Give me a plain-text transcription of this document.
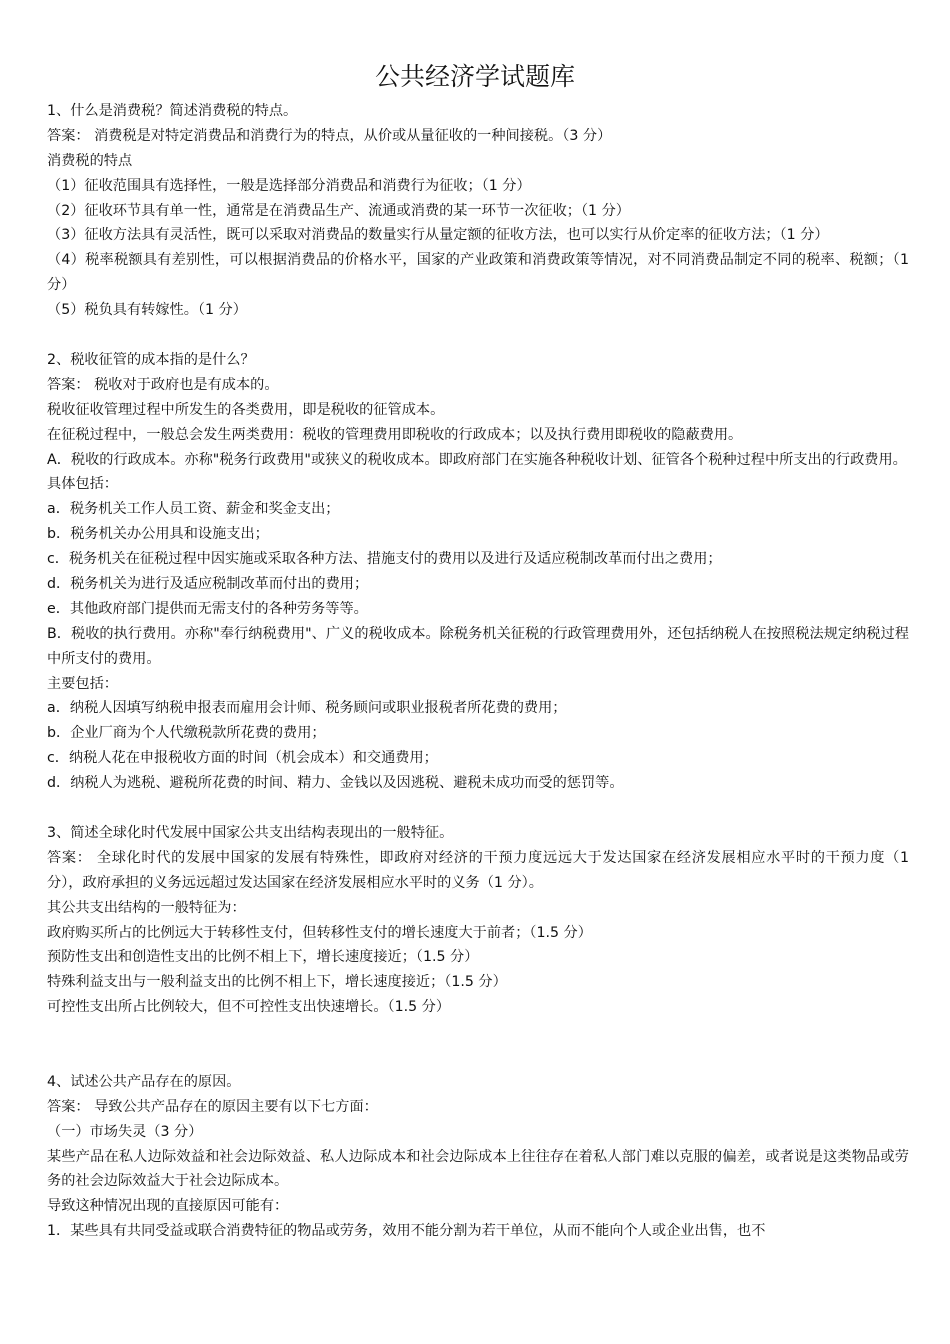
公共经济学试题库
1、什么是消费税？简述消费税的特点。
答案： 消费税是对特定消费品和消费行为的特点，从价或从量征收的一种间接税。（3 分）
消费税的特点
（1）征收范围具有选择性，一般是选择部分消费品和消费行为征收；（1 分）
（2）征收环节具有单一性，通常是在消费品生产、流通或消费的某一环节一次征收；（1 分）
（3）征收方法具有灵活性，既可以采取对消费品的数量实行从量定额的征收方法，也可以实行从价定率的征收方法；（1 分）
（4）税率税额具有差别性，可以根据消费品的价格水平，国家的产业政策和消费政策等情况，对不同消费品制定不同的税率、税额；（1 分）
（5）税负具有转嫁性。（1 分）
2、税收征管的成本指的是什么？
答案： 税收对于政府也是有成本的。
税收征收管理过程中所发生的各类费用，即是税收的征管成本。
在征税过程中，一般总会发生两类费用：税收的管理费用即税收的行政成本；以及执行费用即税收的隐蔽费用。
A．税收的行政成本。亦称"税务行政费用"或狭义的税收成本。即政府部门在实施各种税收计划、征管各个税种过程中所支出的行政费用。
具体包括：
a．税务机关工作人员工资、薪金和奖金支出；
b．税务机关办公用具和设施支出；
c．税务机关在征税过程中因实施或采取各种方法、措施支付的费用以及进行及适应税制改革而付出之费用；
d．税务机关为进行及适应税制改革而付出的费用；
e．其他政府部门提供而无需支付的各种劳务等等。
B．税收的执行费用。亦称"奉行纳税费用"、广义的税收成本。除税务机关征税的行政管理费用外，还包括纳税人在按照税法规定纳税过程中所支付的费用。
主要包括：
a．纳税人因填写纳税申报表而雇用会计师、税务顾问或职业报税者所花费的费用；
b．企业厂商为个人代缴税款所花费的费用；
c．纳税人花在申报税收方面的时间（机会成本）和交通费用；
d．纳税人为逃税、避税所花费的时间、精力、金钱以及因逃税、避税未成功而受的惩罚等。
3、简述全球化时代发展中国家公共支出结构表现出的一般特征。
答案： 全球化时代的发展中国家的发展有特殊性，即政府对经济的干预力度远远大于发达国家在经济发展相应水平时的干预力度（1 分），政府承担的义务远远超过发达国家在经济发展相应水平时的义务（1 分）。
其公共支出结构的一般特征为：
政府购买所占的比例远大于转移性支付，但转移性支付的增长速度大于前者；（1.5 分）
预防性支出和创造性支出的比例不相上下，增长速度接近；（1.5 分）
特殊利益支出与一般利益支出的比例不相上下，增长速度接近；（1.5 分）
可控性支出所占比例较大，但不可控性支出快速增长。（1.5 分）
4、试述公共产品存在的原因。
答案： 导致公共产品存在的原因主要有以下七方面：
（一）市场失灵（3 分）
某些产品在私人边际效益和社会边际效益、私人边际成本和社会边际成本上往往存在着私人部门难以克服的偏差，或者说是这类物品或劳务的社会边际效益大于社会边际成本。
导致这种情况出现的直接原因可能有：
1．某些具有共同受益或联合消费特征的物品或劳务，效用不能分割为若干单位，从而不能向个人或企业出售，也不
